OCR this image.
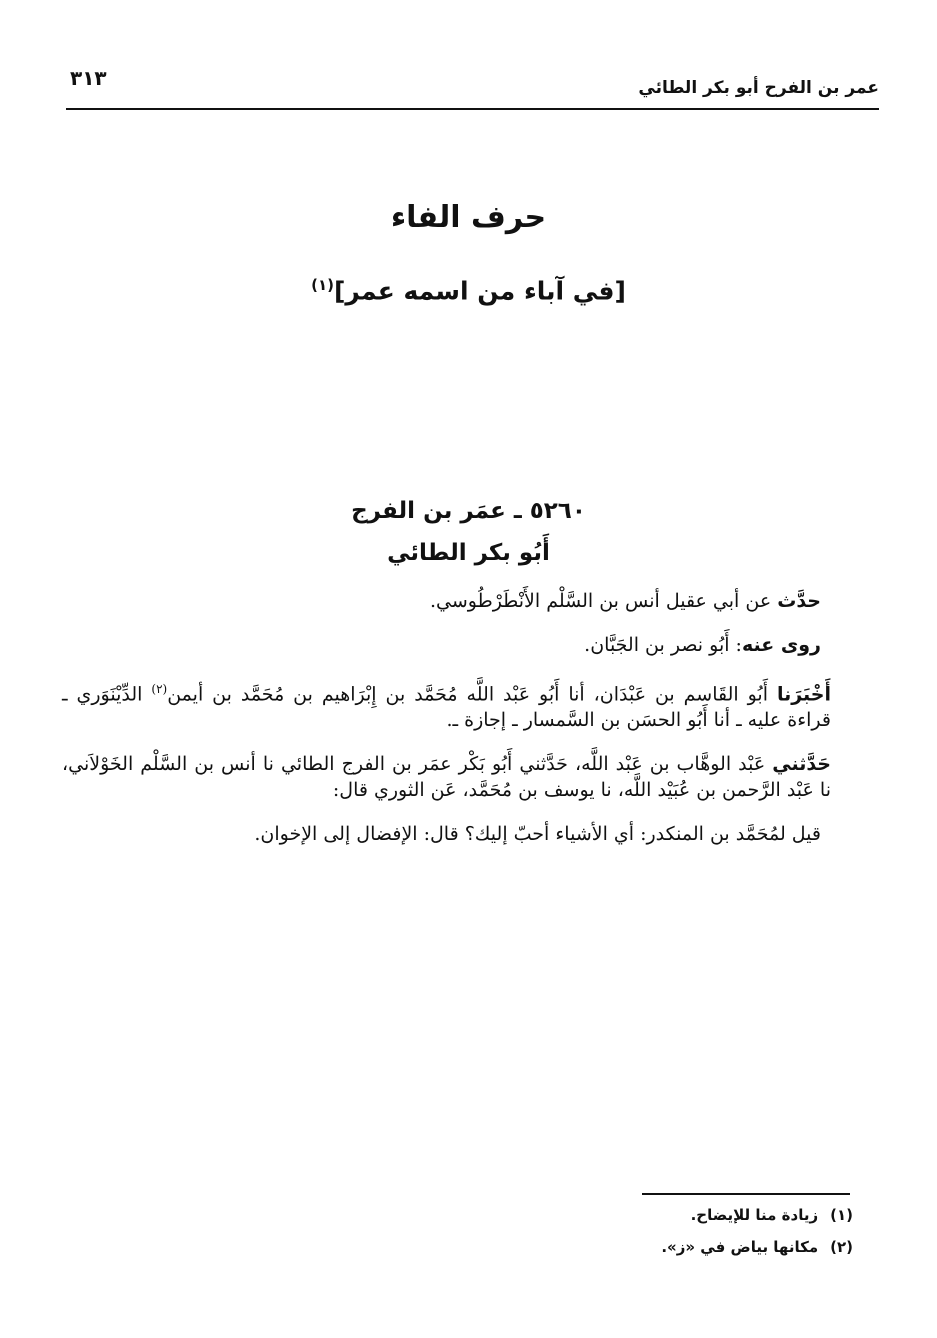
عمر بن الفرح أبو بكر الطائي
٣١٣
حرف الفاء
[في آباء من اسمه عمر]$^{(١)}$
٥٢٦٠ ـ عمَر بن الفرج
أَبُو بكر الطائي

حدَّث عن أبي عقيل أنس بن السَّلْم الأَنْطَرْطُوسي.

روى عنه: أَبُو نصر بن الجَبَّان.

أَخْبَرَنا أَبُو القَاسم بن عَبْدَان، أنا أَبُو عَبْد اللَّه مُحَمَّد بن إِبْرَاهيم بن مُحَمَّد بن أيمن$^{(٢)}$ الدِّيْنَوَري ـ قراءة عليه ـ أنا أَبُو الحسَن بن السَّمسار ـ إجازة ـ.

حَدَّثني عَبْد الوهَّاب بن عَبْد اللَّه، حَدَّثني أَبُو بَكْر عمَر بن الفرج الطائي نا أنس بن السَّلْم الخَوْلاَني، نا عَبْد الرَّحمن بن عُبَيْد اللَّه، نا يوسف بن مُحَمَّد، عَن الثوري قال:

قيل لمُحَمَّد بن المنكدر: أي الأشياء أحبّ إليك؟ قال: الإفضال إلى الإخوان.

(١)زيادة منا للإيضاح.
(٢)مكانها بياض في «ز».
